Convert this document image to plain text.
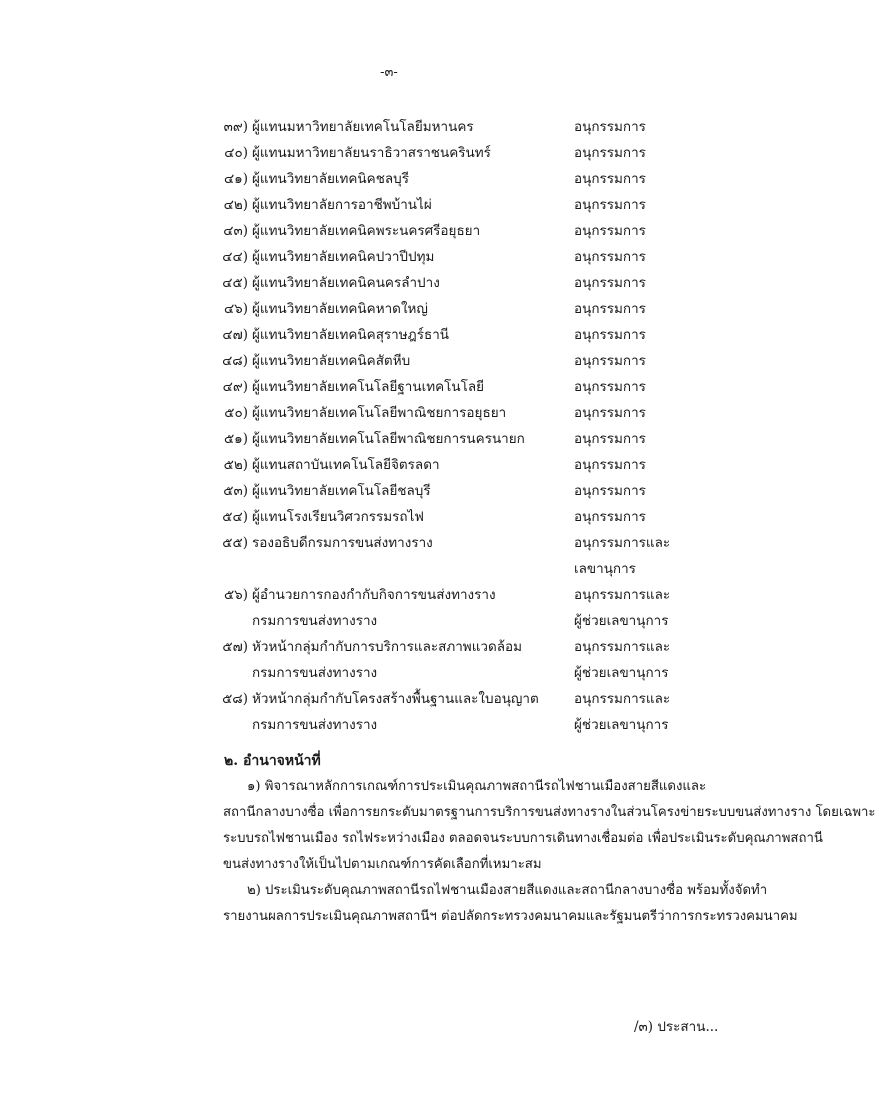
-๓-
๓๙) ผู้แทนมหาวิทยาลัยเทคโนโลยีมหานคร	อนุกรรมการ
๔๐) ผู้แทนมหาวิทยาลัยนราธิวาสราชนครินทร์	อนุกรรมการ
๔๑) ผู้แทนวิทยาลัยเทคนิคชลบุรี	อนุกรรมการ
๔๒) ผู้แทนวิทยาลัยการอาชีพบ้านไผ่	อนุกรรมการ
๔๓) ผู้แทนวิทยาลัยเทคนิคพระนครศรีอยุธยา	อนุกรรมการ
๔๔) ผู้แทนวิทยาลัยเทคนิคปวาปีปทุม	อนุกรรมการ
๔๕) ผู้แทนวิทยาลัยเทคนิคนครลำปาง	อนุกรรมการ
๔๖) ผู้แทนวิทยาลัยเทคนิคหาดใหญ่	อนุกรรมการ
๔๗) ผู้แทนวิทยาลัยเทคนิคสุราษฎร์ธานี	อนุกรรมการ
๔๘) ผู้แทนวิทยาลัยเทคนิคสัตหีบ	อนุกรรมการ
๔๙) ผู้แทนวิทยาลัยเทคโนโลยีฐานเทคโนโลยี	อนุกรรมการ
๕๐) ผู้แทนวิทยาลัยเทคโนโลยีพาณิชยการอยุธยา	อนุกรรมการ
๕๑) ผู้แทนวิทยาลัยเทคโนโลยีพาณิชยการนครนายก	อนุกรรมการ
๕๒) ผู้แทนสถาบันเทคโนโลยีจิตรลดา	อนุกรรมการ
๕๓) ผู้แทนวิทยาลัยเทคโนโลยีชลบุรี	อนุกรรมการ
๕๔) ผู้แทนโรงเรียนวิศวกรรมรถไฟ	อนุกรรมการ
๕๕) รองอธิบดีกรมการขนส่งทางราง	อนุกรรมการและ
เลขานุการ
๕๖) ผู้อำนวยการกองกำกับกิจการขนส่งทางราง	อนุกรรมการและ
กรมการขนส่งทางราง	ผู้ช่วยเลขานุการ
๕๗) หัวหน้ากลุ่มกำกับการบริการและสภาพแวดล้อม	อนุกรรมการและ
กรมการขนส่งทางราง	ผู้ช่วยเลขานุการ
๕๘) หัวหน้ากลุ่มกำกับโครงสร้างพื้นฐานและใบอนุญาต	อนุกรรมการและ
กรมการขนส่งทางราง	ผู้ช่วยเลขานุการ
๒. อำนาจหน้าที่
๑) พิจารณาหลักการเกณฑ์การประเมินคุณภาพสถานีรถไฟชานเมืองสายสีแดงและ
สถานีกลางบางซื่อ เพื่อการยกระดับมาตรฐานการบริการขนส่งทางรางในส่วนโครงข่ายระบบขนส่งทางราง โดยเฉพาะ
ระบบรถไฟชานเมือง รถไฟระหว่างเมือง ตลอดจนระบบการเดินทางเชื่อมต่อ เพื่อประเมินระดับคุณภาพสถานี
ขนส่งทางรางให้เป็นไปตามเกณฑ์การคัดเลือกที่เหมาะสม
๒) ประเมินระดับคุณภาพสถานีรถไฟชานเมืองสายสีแดงและสถานีกลางบางซื่อ พร้อมทั้งจัดทำ
รายงานผลการประเมินคุณภาพสถานีฯ ต่อปลัดกระทรวงคมนาคมและรัฐมนตรีว่าการกระทรวงคมนาคม
/๓) ประสาน...
